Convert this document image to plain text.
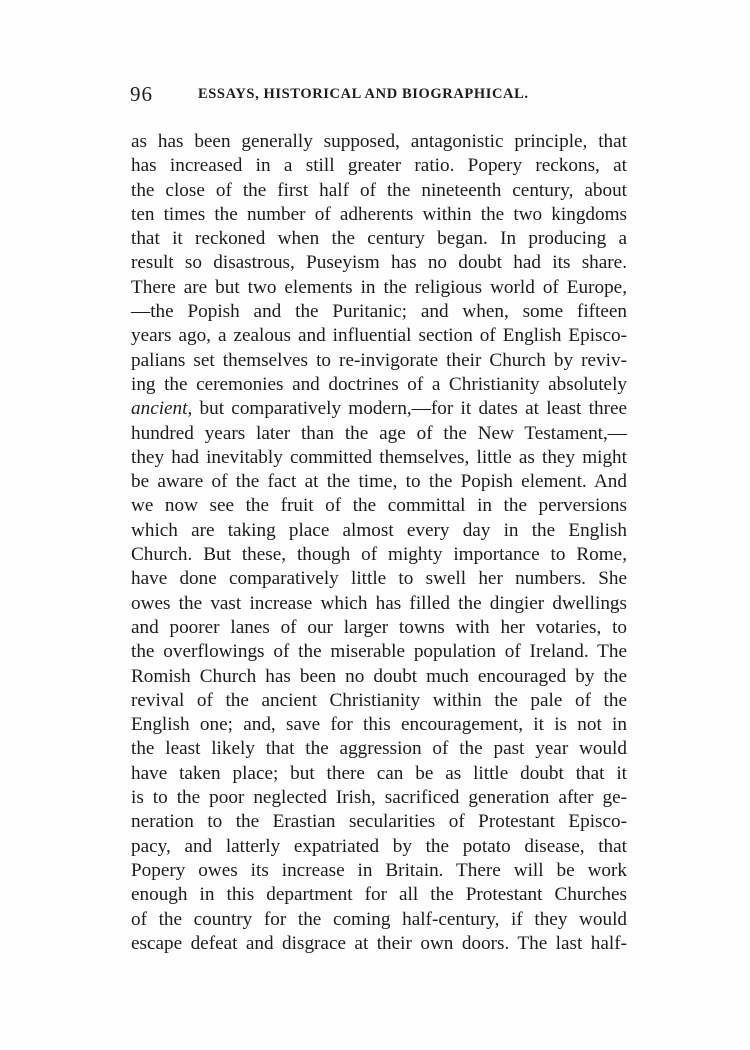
96	ESSAYS, HISTORICAL AND BIOGRAPHICAL.
as has been generally supposed, antagonistic principle, that
has increased in a still greater ratio. Popery reckons, at
the close of the first half of the nineteenth century, about
ten times the number of adherents within the two kingdoms
that it reckoned when the century began. In producing a
result so disastrous, Puseyism has no doubt had its share.
There are but two elements in the religious world of Europe,
—the Popish and the Puritanic; and when, some fifteen
years ago, a zealous and influential section of English Episco-
palians set themselves to re-invigorate their Church by reviv-
ing the ceremonies and doctrines of a Christianity absolutely
ancient, but comparatively modern,—for it dates at least three
hundred years later than the age of the New Testament,—
they had inevitably committed themselves, little as they might
be aware of the fact at the time, to the Popish element. And
we now see the fruit of the committal in the perversions
which are taking place almost every day in the English
Church. But these, though of mighty importance to Rome,
have done comparatively little to swell her numbers. She
owes the vast increase which has filled the dingier dwellings
and poorer lanes of our larger towns with her votaries, to
the overflowings of the miserable population of Ireland. The
Romish Church has been no doubt much encouraged by the
revival of the ancient Christianity within the pale of the
English one; and, save for this encouragement, it is not in
the least likely that the aggression of the past year would
have taken place; but there can be as little doubt that it
is to the poor neglected Irish, sacrificed generation after ge-
neration to the Erastian secularities of Protestant Episco-
pacy, and latterly expatriated by the potato disease, that
Popery owes its increase in Britain. There will be work
enough in this department for all the Protestant Churches
of the country for the coming half-century, if they would
escape defeat and disgrace at their own doors. The last half-
